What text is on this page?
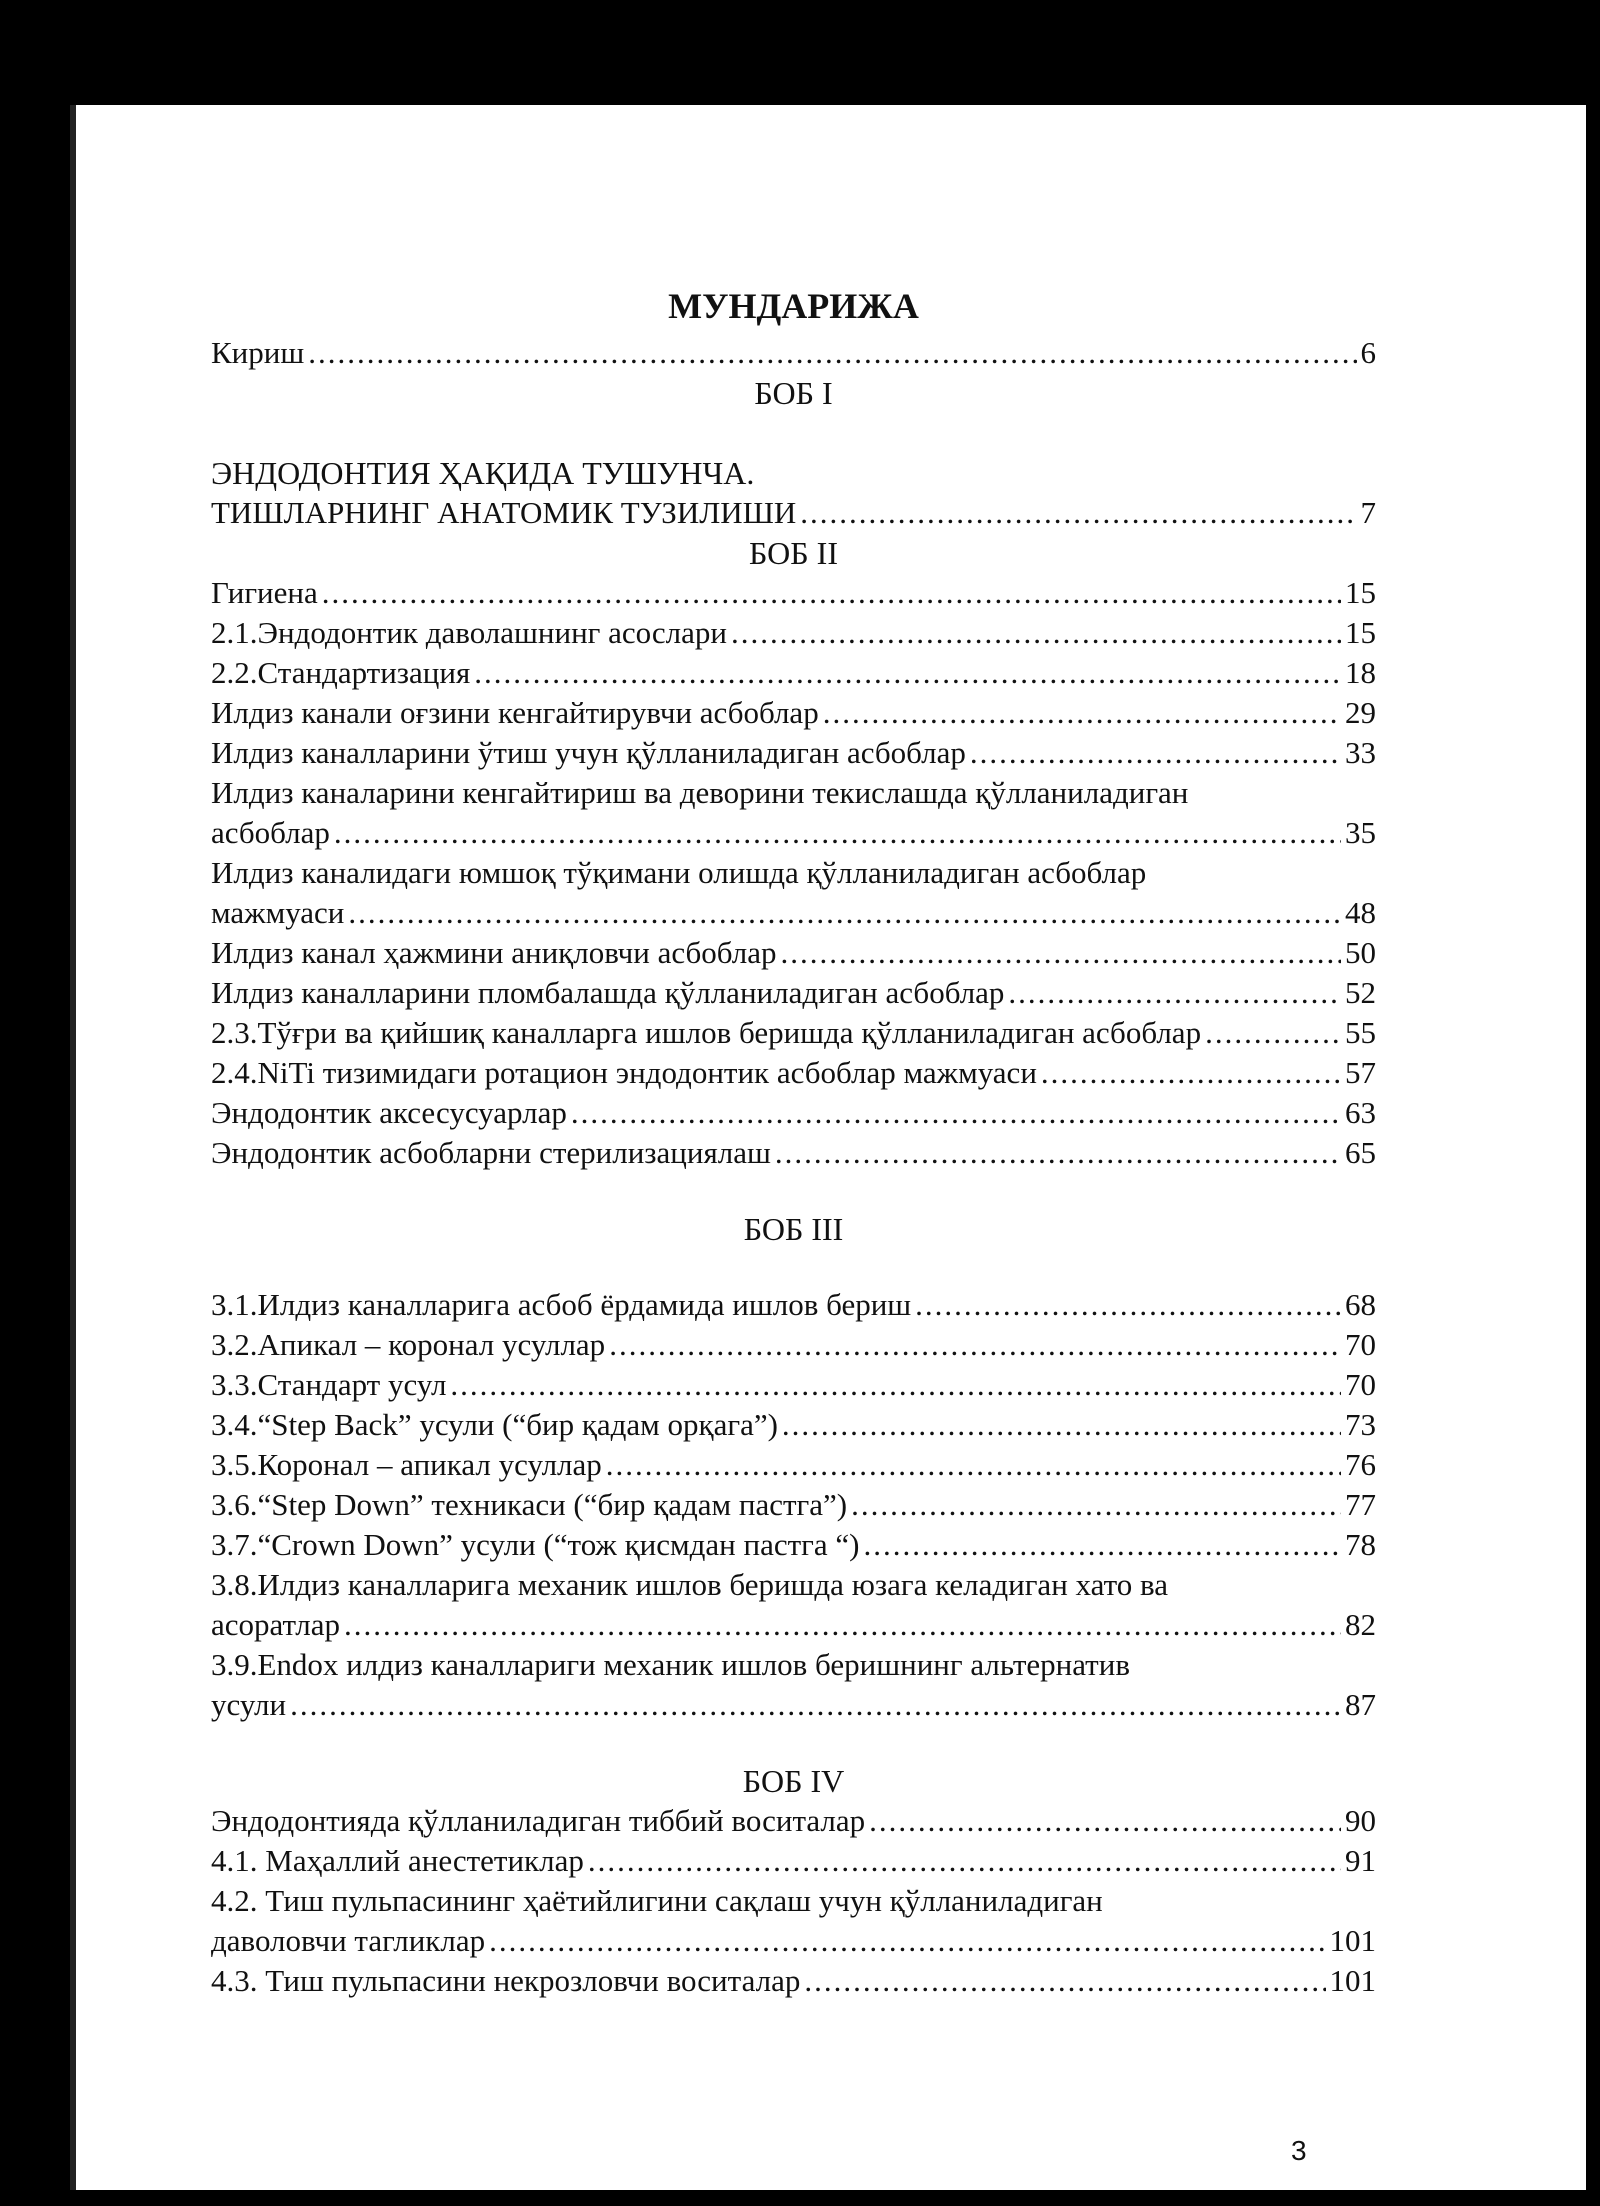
МУНДАРИЖА
Кириш .....	6
БОБ I
ЭНДОДОНТИЯ ҲАҚИДА ТУШУНЧА.
ТИШЛАРНИНГ АНАТОМИК ТУЗИЛИШИ .....	7
БОБ II
Гигиена .....	15
2.1.Эндодонтик даволашнинг асослари .....	15
2.2.Стандартизация .....	18
Илдиз канали оғзини кенгайтирувчи асбоблар .....	29
Илдиз каналларини ўтиш учун қўлланиладиган асбоблар .....	33
Илдиз каналарини кенгайтириш ва деворини текислашда қўлланиладиган
асбоблар .....	35
Илдиз каналидаги юмшоқ тўқимани олишда қўлланиладиган асбоблар
мажмуаси .....	48
Илдиз канал ҳажмини аниқловчи асбоблар .....	50
Илдиз каналларини пломбалашда қўлланиладиган асбоблар .....	52
2.3.Тўғри ва қийшиқ каналларга ишлов беришда қўлланиладиган асбоблар .....	55
2.4.NiTi тизимидаги ротацион эндодонтик асбоблар мажмуаси .....	57
Эндодонтик аксесусуарлар .....	63
Эндодонтик асбобларни стерилизациялаш .....	65
БОБ III
3.1.Илдиз каналларига асбоб ёрдамида ишлов бериш .....	68
3.2.Апикал – коронал усуллар .....	70
3.3.Стандарт усул .....	70
3.4.“Step Back” усули (“бир қадам орқага”) .....	73
3.5.Коронал – апикал усуллар .....	76
3.6.“Step Down” техникаси (“бир қадам пастга”) .....	77
3.7.“Crown Down” усули (“тож қисмдан пастга “) .....	78
3.8.Илдиз каналларига механик ишлов беришда юзага келадиган хато ва
асоратлар .....	82
3.9.Endox илдиз каналлариги механик ишлов беришнинг альтернатив
усули .....	87
БОБ IV
Эндодонтияда қўлланиладиган тиббий воситалар .....	90
4.1. Маҳаллий анестетиклар .....	91
4.2. Тиш пульпасининг ҳаётийлигини сақлаш учун қўлланиладиган
даволовчи тагликлар .....	101
4.3. Тиш пульпасини некрозловчи воситалар .....	101
3
